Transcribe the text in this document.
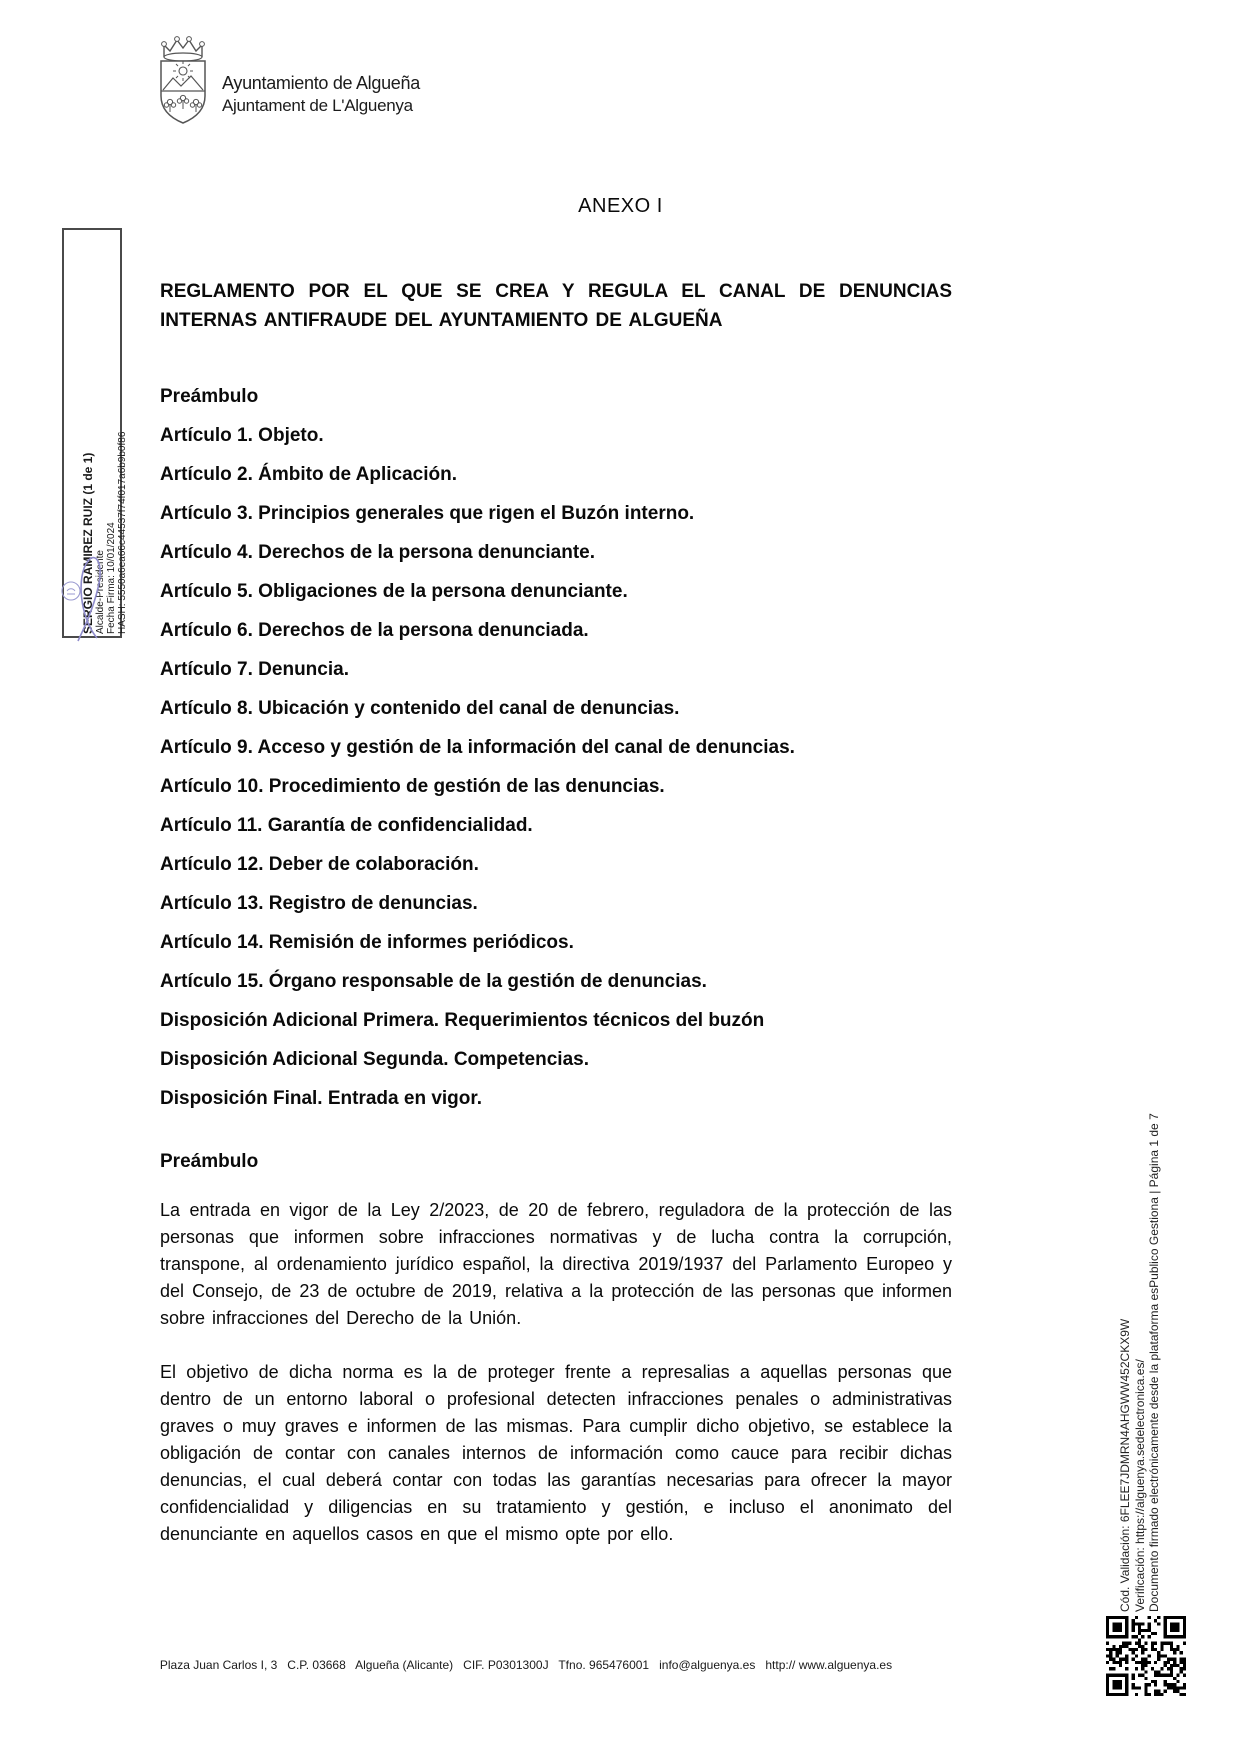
Ayuntamiento de Algueña
Ajuntament de L'Alguenya
ANEXO I
REGLAMENTO POR EL QUE SE CREA Y REGULA EL CANAL DE DENUNCIAS INTERNAS ANTIFRAUDE DEL AYUNTAMIENTO DE ALGUEÑA
Preámbulo
Artículo 1. Objeto.
Artículo 2. Ámbito de Aplicación.
Artículo 3. Principios generales que rigen el Buzón interno.
Artículo 4. Derechos de la persona denunciante.
Artículo 5. Obligaciones de la persona denunciante.
Artículo 6. Derechos de la persona denunciada.
Artículo 7. Denuncia.
Artículo 8. Ubicación y contenido del canal de denuncias.
Artículo 9. Acceso y gestión de la información del canal de denuncias.
Artículo 10. Procedimiento de gestión de las denuncias.
Artículo 11. Garantía de confidencialidad.
Artículo 12. Deber de colaboración.
Artículo 13. Registro de denuncias.
Artículo 14. Remisión de informes periódicos.
Artículo 15. Órgano responsable de la gestión de denuncias.
Disposición Adicional Primera. Requerimientos técnicos del buzón
Disposición Adicional Segunda. Competencias.
Disposición Final. Entrada en vigor.
Preámbulo
La entrada en vigor de la Ley 2/2023, de 20 de febrero, reguladora de la protección de las personas que informen sobre infracciones normativas y de lucha contra la corrupción, transpone, al ordenamiento jurídico español, la directiva 2019/1937 del Parlamento Europeo y del Consejo, de 23 de octubre de 2019, relativa a la protección de las personas que informen sobre infracciones del Derecho de la Unión.
El objetivo de dicha norma es la de proteger frente a represalias a aquellas personas que dentro de un entorno laboral o profesional detecten infracciones penales o administrativas graves o muy graves e informen de las mismas. Para cumplir dicho objetivo, se establece la obligación de contar con canales internos de información como cauce para recibir dichas denuncias, el cual deberá contar con todas las garantías necesarias para ofrecer la mayor confidencialidad y diligencias en su tratamiento y gestión, e incluso el anonimato del denunciante en aquellos casos en que el mismo opte por ello.
SERGIO RAMIREZ RUIZ (1 de 1) Alcalde-Presidente Fecha Firma: 10/01/2024 HASH: 5550a6ea66c44537f74f017a6b9b0f86
Cód. Validación: 6FLEE7JDMRN4AHGWW452CKX9W Verificación: https://alguenya.sedelectronica.es/ Documento firmado electrónicamente desde la plataforma esPublico Gestiona | Página 1 de 7
Plaza Juan Carlos I, 3   C.P. 03668   Algueña (Alicante)   CIF. P0301300J   Tfno. 965476001   info@alguenya.es   http:// www.alguenya.es
